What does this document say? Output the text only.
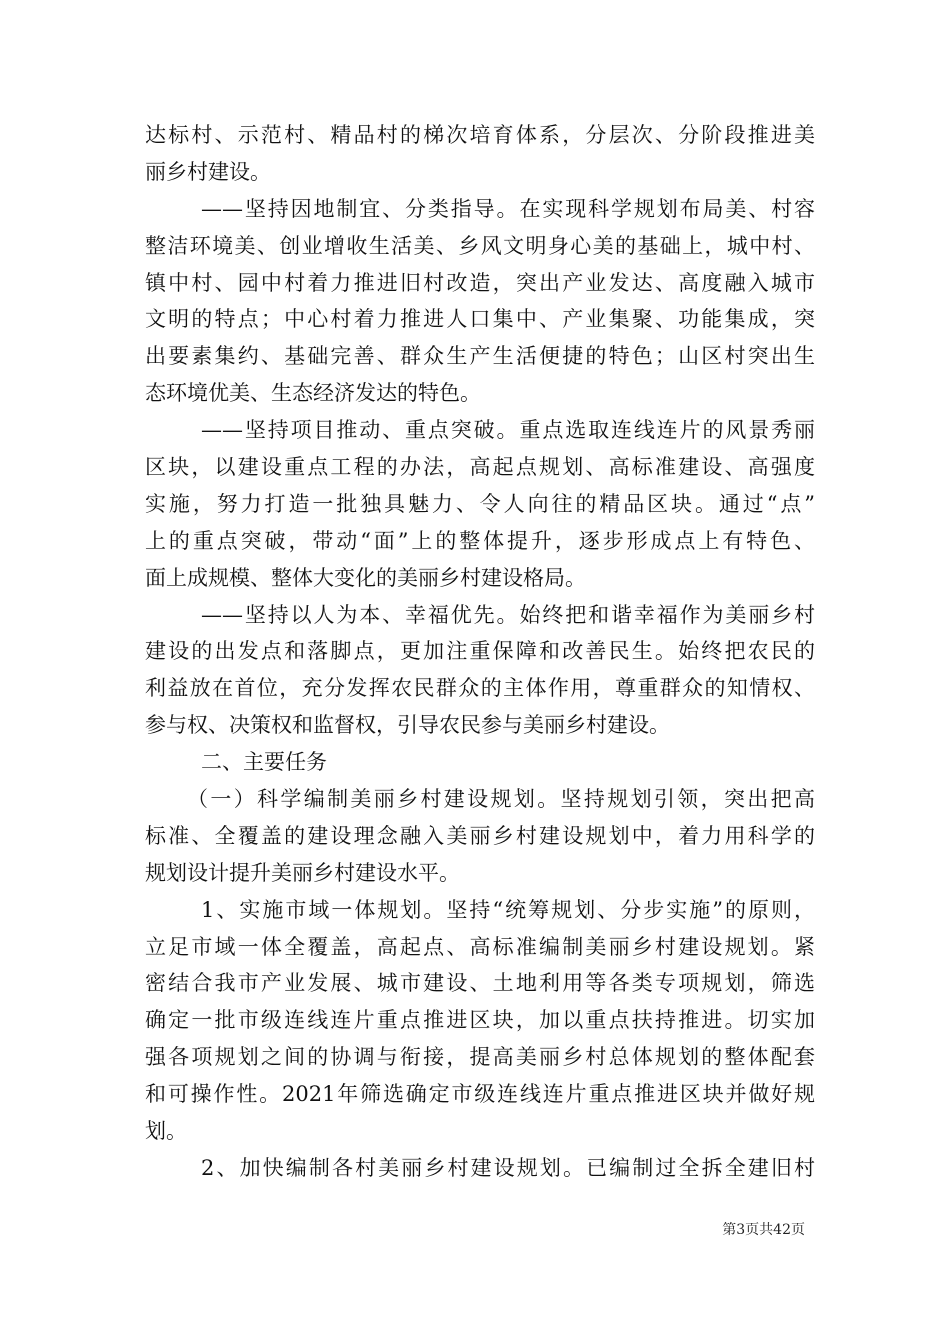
达标村、示范村、精品村的梯次培育体系，分层次、分阶段推进美
丽乡村建设。
——坚持因地制宜、分类指导。在实现科学规划布局美、村容
整洁环境美、创业增收生活美、乡风文明身心美的基础上，城中村、
镇中村、园中村着力推进旧村改造，突出产业发达、高度融入城市
文明的特点；中心村着力推进人口集中、产业集聚、功能集成，突
出要素集约、基础完善、群众生产生活便捷的特色；山区村突出生
态环境优美、生态经济发达的特色。
——坚持项目推动、重点突破。重点选取连线连片的风景秀丽
区块，以建设重点工程的办法，高起点规划、高标准建设、高强度
实施，努力打造一批独具魅力、令人向往的精品区块。通过“点”
上的重点突破，带动“面”上的整体提升，逐步形成点上有特色、
面上成规模、整体大变化的美丽乡村建设格局。
——坚持以人为本、幸福优先。始终把和谐幸福作为美丽乡村
建设的出发点和落脚点，更加注重保障和改善民生。始终把农民的
利益放在首位，充分发挥农民群众的主体作用，尊重群众的知情权、
参与权、决策权和监督权，引导农民参与美丽乡村建设。
二、主要任务
（一）科学编制美丽乡村建设规划。坚持规划引领，突出把高
标准、全覆盖的建设理念融入美丽乡村建设规划中，着力用科学的
规划设计提升美丽乡村建设水平。
1、实施市域一体规划。坚持“统筹规划、分步实施”的原则，
立足市域一体全覆盖，高起点、高标准编制美丽乡村建设规划。紧
密结合我市产业发展、城市建设、土地利用等各类专项规划，筛选
确定一批市级连线连片重点推进区块，加以重点扶持推进。切实加
强各项规划之间的协调与衔接，提高美丽乡村总体规划的整体配套
和可操作性。2021年筛选确定市级连线连片重点推进区块并做好规
划。
2、加快编制各村美丽乡村建设规划。已编制过全拆全建旧村
第3页共42页
